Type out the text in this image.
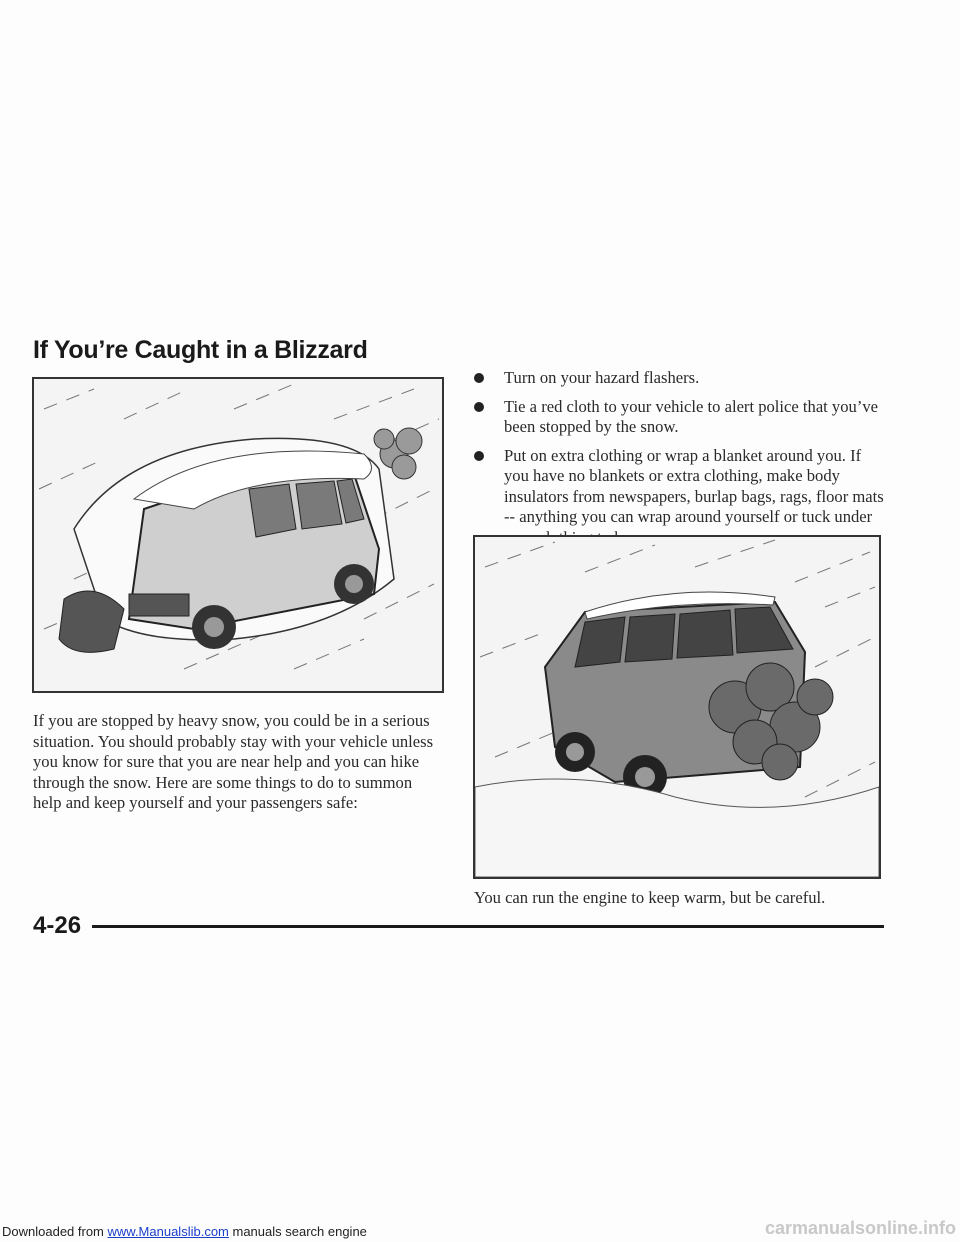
If You’re Caught in a Blizzard

If you are stopped by heavy snow, you could be in a serious situation. You should probably stay with your vehicle unless you know for sure that you are near help and you can hike through the snow. Here are some things to do to summon help and keep yourself and your passengers safe:

Turn on your hazard flashers.
Tie a red cloth to your vehicle to alert police that you’ve been stopped by the snow.
Put on extra clothing or wrap a blanket around you. If you have no blankets or extra clothing, make body insulators from newspapers, burlap bags, rags, floor mats -- anything you can wrap around yourself or tuck under

You can run the engine to keep warm, but be careful.

4-26

Downloaded from www.Manualslib.com manuals search engine	carmanualsonline.info
